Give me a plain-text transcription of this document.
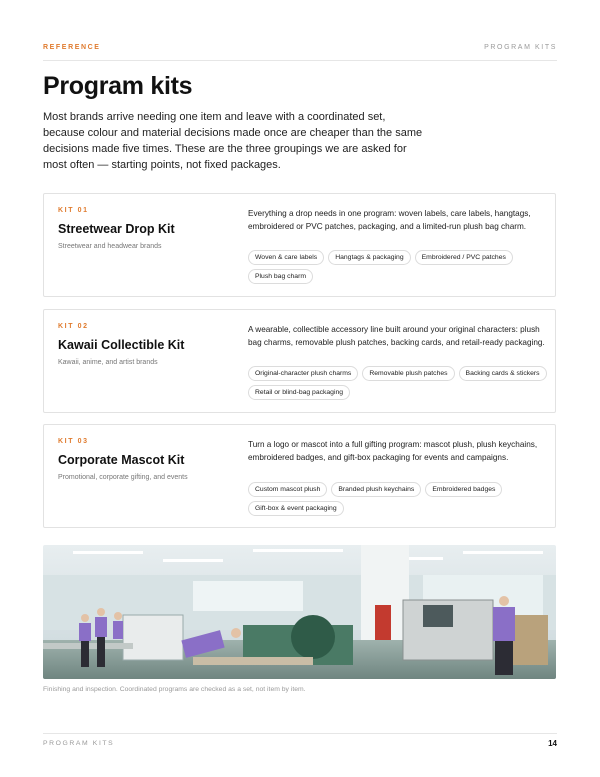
REFERENCE	PROGRAM KITS
Program kits

Most brands arrive needing one item and leave with a coordinated set, because colour and material decisions made once are cheaper than the same decisions made five times. These are the three groupings we are asked for most often — starting points, not fixed packages.

KIT 01
Streetwear Drop Kit
Streetwear and headwear brands

Everything a drop needs in one program: woven labels, care labels, hangtags, embroidered or PVC patches, packaging, and a limited-run plush bag charm.

Woven & care labels	Hangtags & packaging	Embroidered / PVC patches
Plush bag charm
KIT 02
Kawaii Collectible Kit
Kawaii, anime, and artist brands

A wearable, collectible accessory line built around your original characters: plush bag charms, removable plush patches, backing cards, and retail-ready packaging.

Original-character plush charms	Removable plush patches	Backing cards & stickers
Retail or blind-bag packaging
KIT 03
Corporate Mascot Kit
Promotional, corporate gifting, and events

Turn a logo or mascot into a full gifting program: mascot plush, plush keychains, embroidered badges, and gift-box packaging for events and campaigns.

Custom mascot plush	Branded plush keychains	Embroidered badges
Gift-box & event packaging

Finishing and inspection. Coordinated programs are checked as a set, not item by item.

PROGRAM KITS	14
